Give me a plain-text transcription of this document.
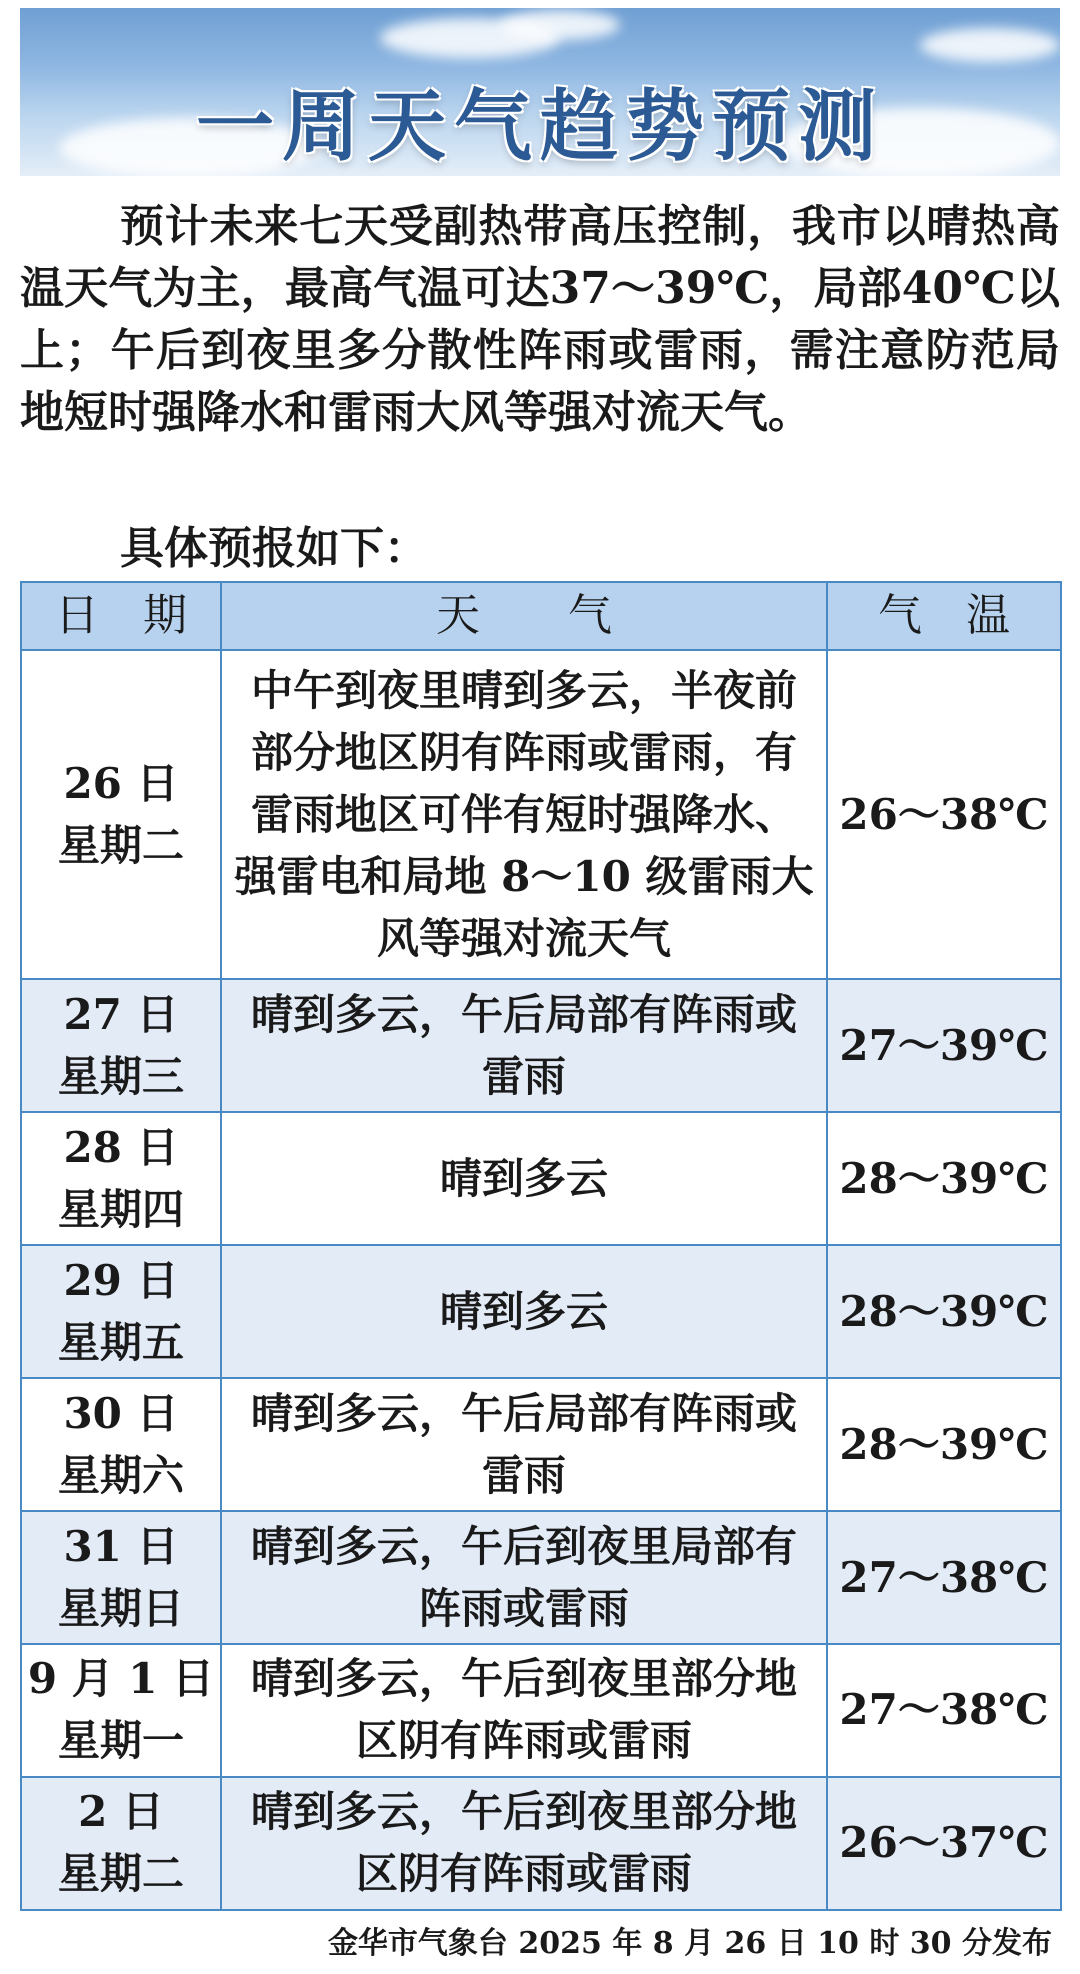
一周天气趋势预测

预计未来七天受副热带高压控制，我市以晴热高温天气为主，最高气温可达37～39℃，局部40℃以上；午后到夜里多分散性阵雨或雷雨，需注意防范局地短时强降水和雷雨大风等强对流天气。

具体预报如下：

日　期	天　　气	气　温

26 日
星期二	中午到夜里晴到多云，半夜前部分地区阴有阵雨或雷雨，有雷雨地区可伴有短时强降水、强雷电和局地 8～10 级雷雨大风等强对流天气	26～38℃

27 日
星期三	晴到多云，午后局部有阵雨或雷雨	27～39℃

28 日
星期四	晴到多云	28～39℃

29 日
星期五	晴到多云	28～39℃

30 日
星期六	晴到多云，午后局部有阵雨或雷雨	28～39℃

31 日
星期日	晴到多云，午后到夜里局部有阵雨或雷雨	27～38℃

9 月 1 日
星期一	晴到多云，午后到夜里部分地区阴有阵雨或雷雨	27～38℃

2 日
星期二	晴到多云，午后到夜里部分地区阴有阵雨或雷雨	26～37℃
金华市气象台 2025 年 8 月 26 日 10 时 30 分发布
